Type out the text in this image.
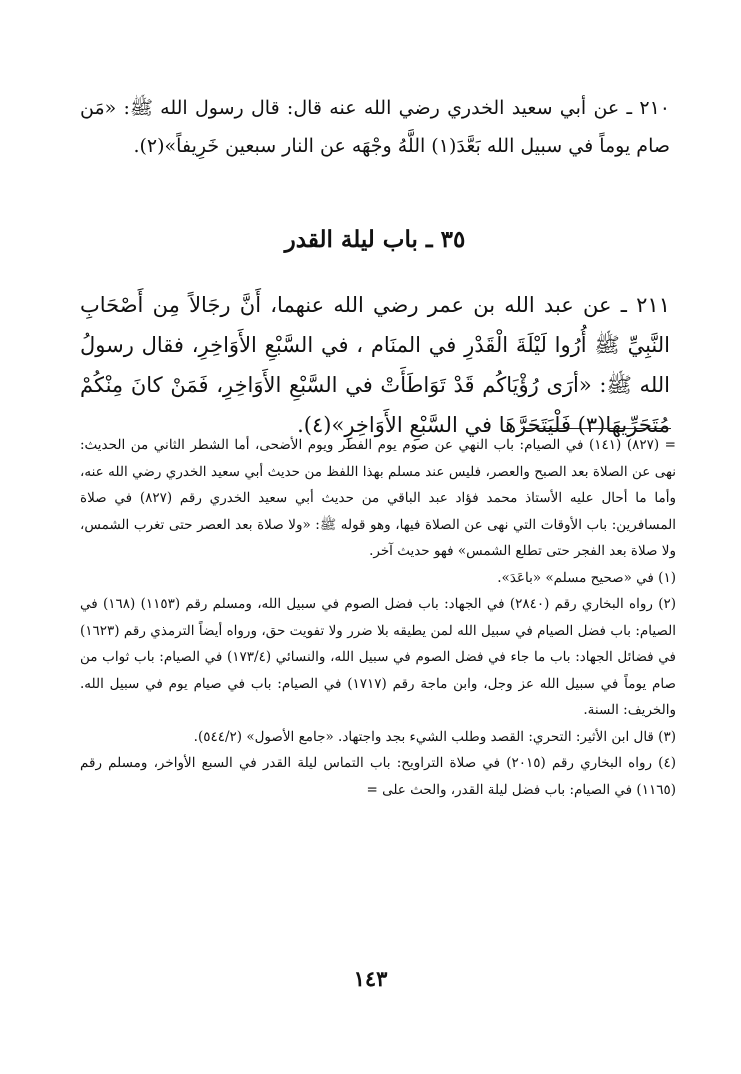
٢١٠ ـ عن أبي سعيد الخدري رضي الله عنه قال: قال رسول الله ﷺ: «مَن صام يوماً في سبيل الله بَعَّدَ(١) اللَّهُ وجْهَه عن النار سبعين خَرِيفاً»(٢).

٣٥ ـ باب ليلة القدر

٢١١ ـ عن عبد الله بن عمر رضي الله عنهما، أَنَّ رجَالاً مِن أَصْحَابِ النَّبِيِّ ﷺ أُرُوا لَيْلَةَ الْقَدْرِ في المنَام ، في السَّبْعِ الأَوَاخِرِ، فقال رسولُ الله ﷺ: «أرَى رُؤْيَاكُم قَدْ تَوَاطَأَتْ في السَّبْعِ الأَوَاخِرِ، فَمَنْ كانَ مِنْكُمْ مُتَحَرِّيهَا(٣) فَلْيَتَحَرَّهَا في السَّبْعِ الأَوَاخِرِ»(٤).

= (٨٢٧) (١٤١) في الصيام: باب النهي عن صوم يوم الفطر ويوم الأضحى، أما الشطر الثاني من الحديث: نهى عن الصلاة بعد الصبح والعصر، فليس عند مسلم بهذا اللفظ من حديث أبي سعيد الخدري رضي الله عنه، وأما ما أحال عليه الأستاذ محمد فؤاد عبد الباقي من حديث أبي سعيد الخدري رقم (٨٢٧) في صلاة المسافرين: باب الأوقات التي نهى عن الصلاة فيها، وهو قوله ﷺ: «ولا صلاة بعد العصر حتى تغرب الشمس، ولا صلاة بعد الفجر حتى تطلع الشمس» فهو حديث آخر.

(١) في «صحيح مسلم» «باعَدَ».

(٢) رواه البخاري رقم (٢٨٤٠) في الجهاد: باب فضل الصوم في سبيل الله، ومسلم رقم (١١٥٣) (١٦٨) في الصيام: باب فضل الصيام في سبيل الله لمن يطيقه بلا ضرر ولا تفويت حق، ورواه أيضاً الترمذي رقم (١٦٢٣) في فضائل الجهاد: باب ما جاء في فضل الصوم في سبيل الله، والنسائي (١٧٣/٤) في الصيام: باب ثواب من صام يوماً في سبيل الله عز وجل، وابن ماجة رقم (١٧١٧) في الصيام: باب في صيام يوم في سبيل الله. والخريف: السنة.

(٣) قال ابن الأثير: التحري: القصد وطلب الشيء بجد واجتهاد. «جامع الأصول» (٥٤٤/٢).

(٤) رواه البخاري رقم (٢٠١٥) في صلاة التراويح: باب التماس ليلة القدر في السبع الأواخر، ومسلم رقم (١١٦٥) في الصيام: باب فضل ليلة القدر، والحث على =

١٤٣
